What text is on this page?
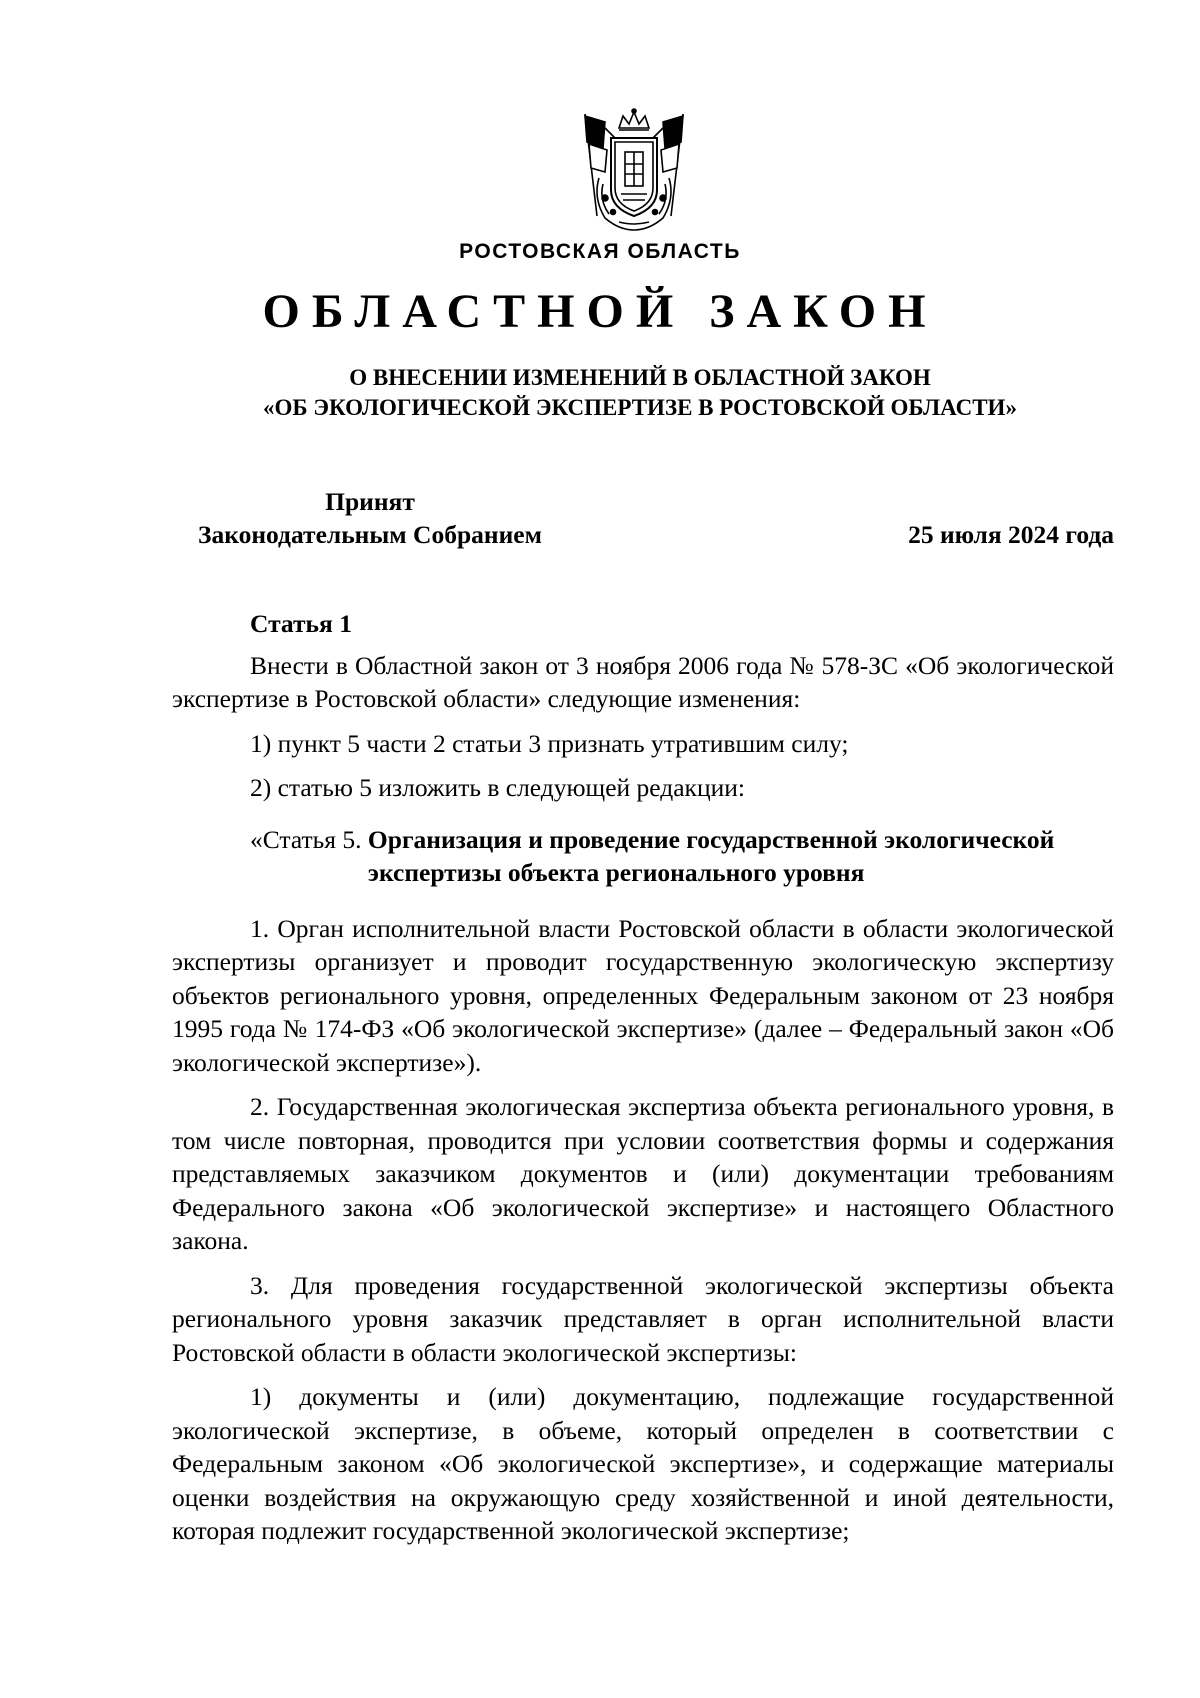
РОСТОВСКАЯ ОБЛАСТЬ
ОБЛАСТНОЙ ЗАКОН
О ВНЕСЕНИИ ИЗМЕНЕНИЙ В ОБЛАСТНОЙ ЗАКОН
«ОБ ЭКОЛОГИЧЕСКОЙ ЭКСПЕРТИЗЕ В РОСТОВСКОЙ ОБЛАСТИ»
Принят
Законодательным Собранием	25 июля 2024 года
Статья 1

Внести в Областной закон от 3 ноября 2006 года № 578-ЗС «Об экологической экспертизе в Ростовской области» следующие изменения:

1) пункт 5 части 2 статьи 3 признать утратившим силу;

2) статью 5 изложить в следующей редакции:

«Статья 5. Организация и проведение государственной экологической экспертизы объекта регионального уровня

1. Орган исполнительной власти Ростовской области в области экологической экспертизы организует и проводит государственную экологическую экспертизу объектов регионального уровня, определенных Федеральным законом от 23 ноября 1995 года № 174-ФЗ «Об экологической экспертизе» (далее – Федеральный закон «Об экологической экспертизе»).

2. Государственная экологическая экспертиза объекта регионального уровня, в том числе повторная, проводится при условии соответствия формы и содержания представляемых заказчиком документов и (или) документации требованиям Федерального закона «Об экологической экспертизе» и настоящего Областного закона.

3. Для проведения государственной экологической экспертизы объекта регионального уровня заказчик представляет в орган исполнительной власти Ростовской области в области экологической экспертизы:

1) документы и (или) документацию, подлежащие государственной экологической экспертизе, в объеме, который определен в соответствии с Федеральным законом «Об экологической экспертизе», и содержащие материалы оценки воздействия на окружающую среду хозяйственной и иной деятельности, которая подлежит государственной экологической экспертизе;
